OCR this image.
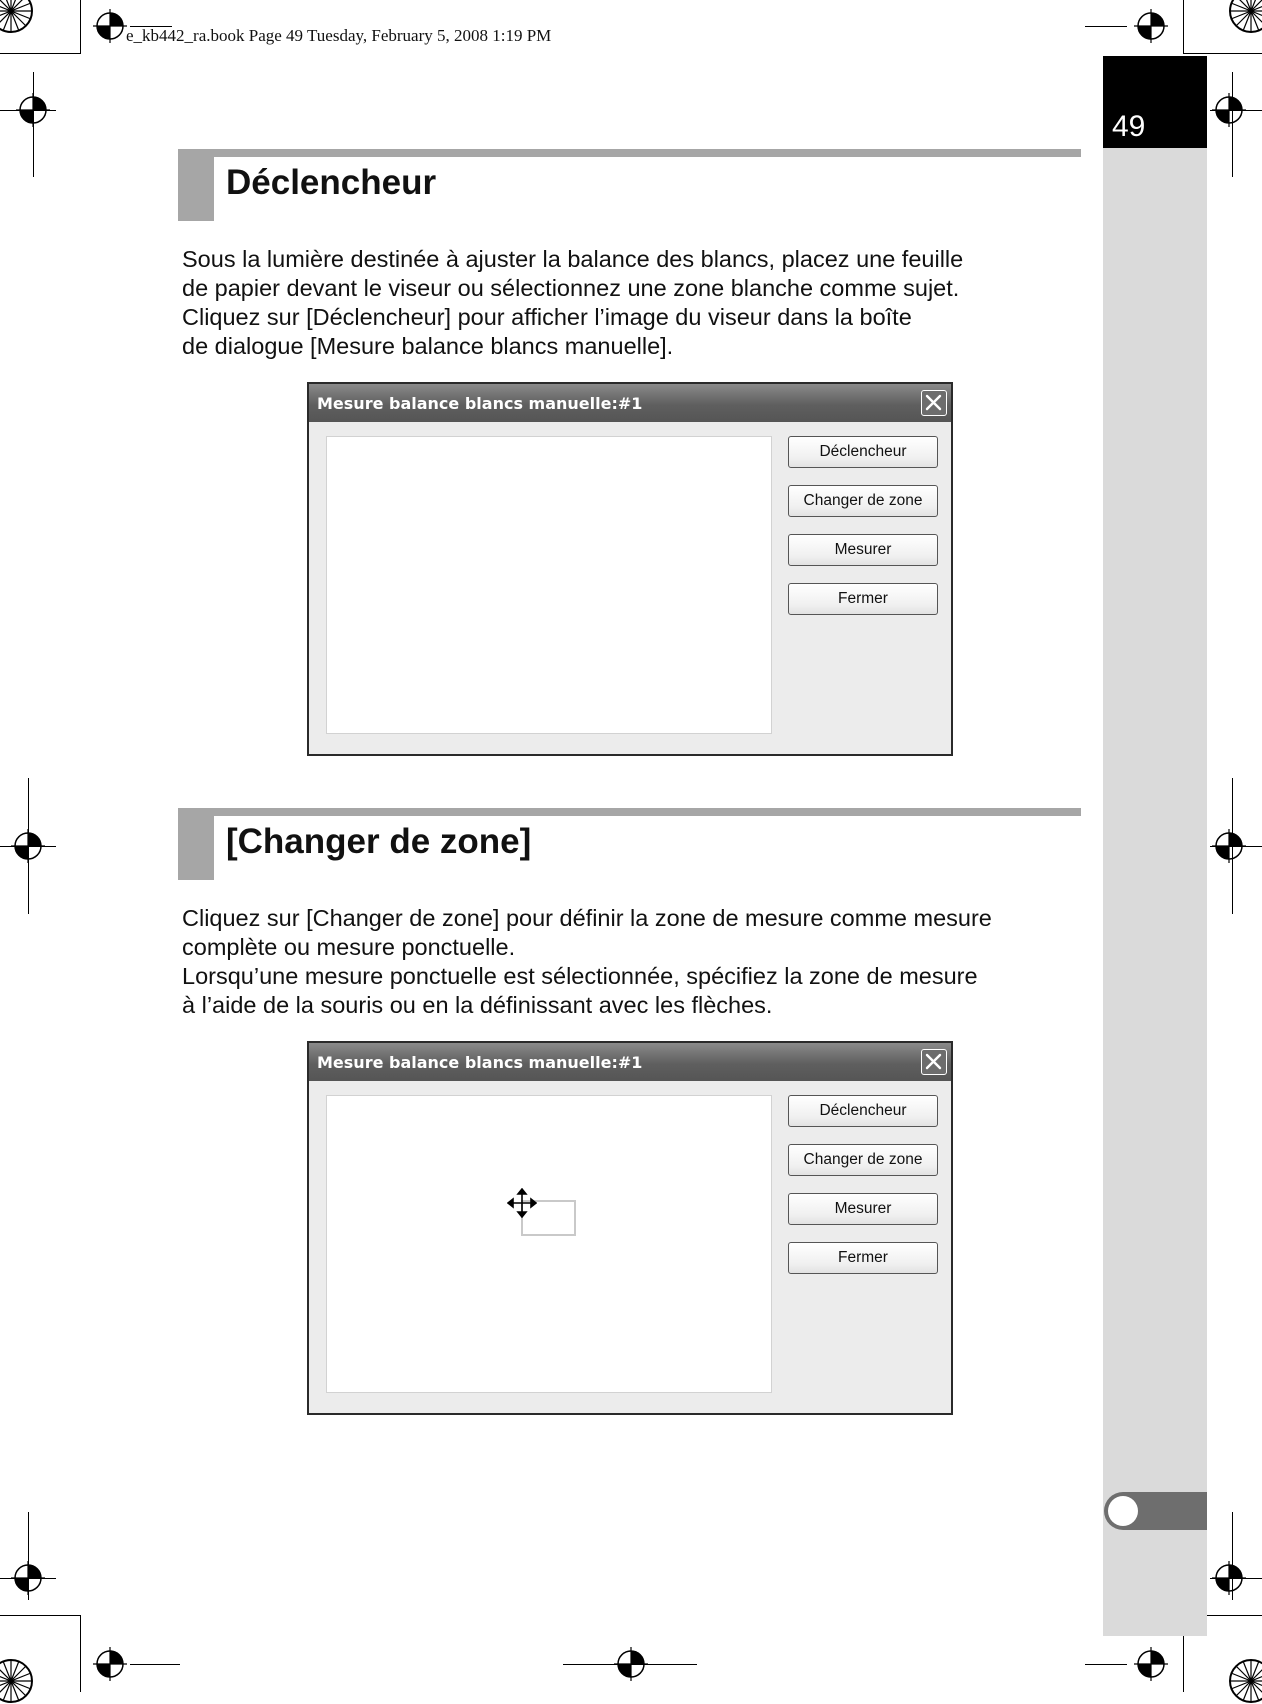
e_kb442_ra.book Page 49 Tuesday, February 5, 2008 1:19 PM
49
Déclencheur
Sous la lumière destinée à ajuster la balance des blancs, placez une feuille
de papier devant le viseur ou sélectionnez une zone blanche comme sujet.
Cliquez sur [Déclencheur] pour afficher l’image du viseur dans la boîte
de dialogue [Mesure balance blancs manuelle].
Mesure balance blancs manuelle:#1
Déclencheur
Changer de zone
Mesurer
Fermer
[Changer de zone]
Cliquez sur [Changer de zone] pour définir la zone de mesure comme mesure
complète ou mesure ponctuelle.
Lorsqu’une mesure ponctuelle est sélectionnée, spécifiez la zone de mesure
à l’aide de la souris ou en la définissant avec les flèches.
Mesure balance blancs manuelle:#1
Déclencheur
Changer de zone
Mesurer
Fermer
